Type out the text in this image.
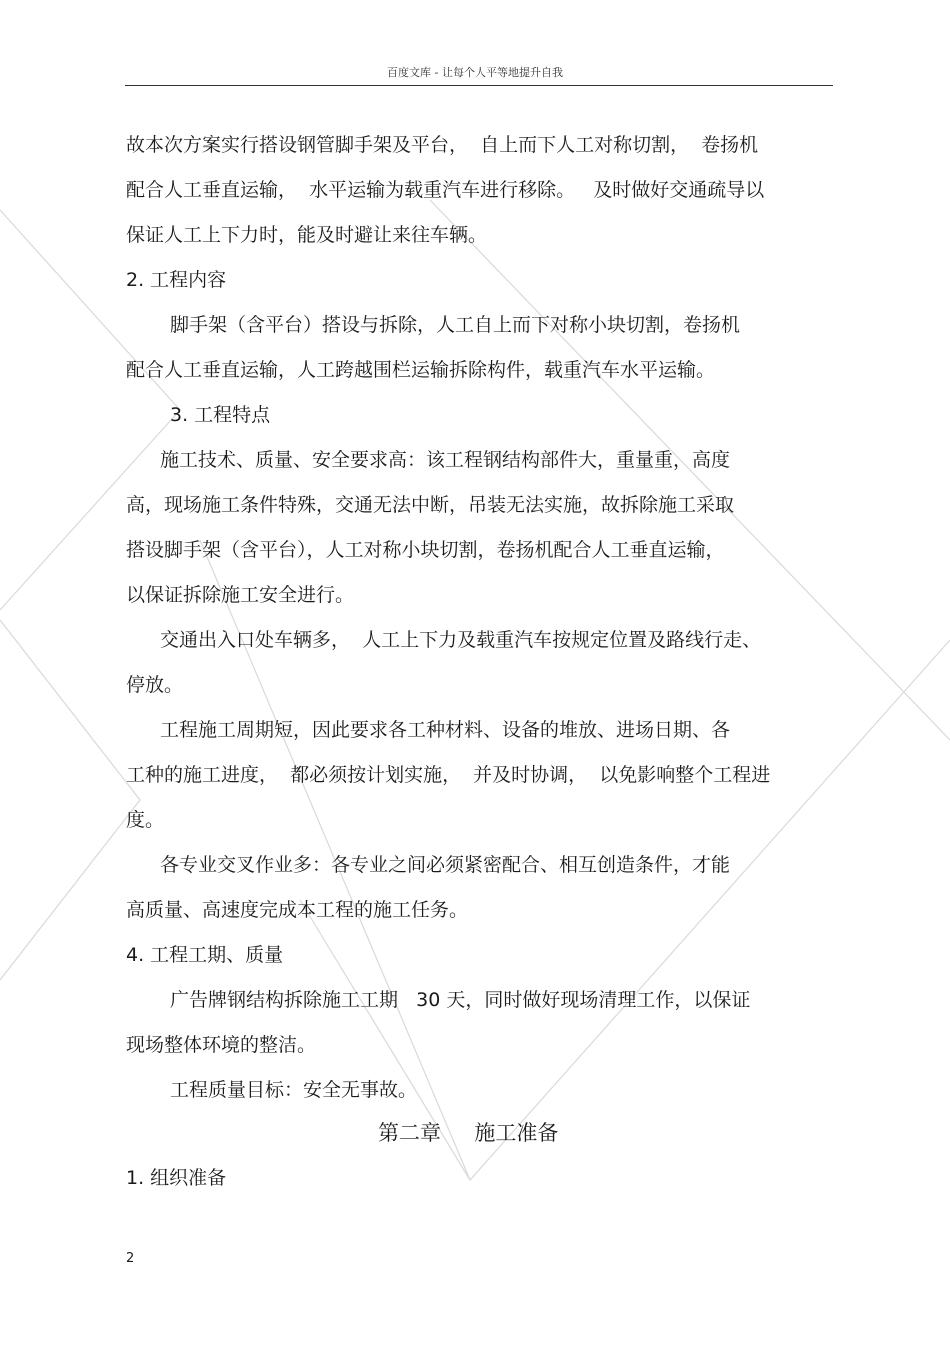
百度文库 - 让每个人平等地提升自我
故本次方案实行搭设钢管脚手架及平台，  自上而下人工对称切割，  卷扬机
配合人工垂直运输，  水平运输为载重汽车进行移除。   及时做好交通疏导以
保证人工上下力时，能及时避让来往车辆。
2. 工程内容
脚手架（含平台）搭设与拆除，人工自上而下对称小块切割，卷扬机
配合人工垂直运输，人工跨越围栏运输拆除构件，载重汽车水平运输。
3. 工程特点
施工技术、质量、安全要求高：该工程钢结构部件大，重量重，高度
高，现场施工条件特殊，交通无法中断，吊装无法实施，故拆除施工采取
搭设脚手架（含平台），人工对称小块切割，卷扬机配合人工垂直运输，
以保证拆除施工安全进行。
交通出入口处车辆多，  人工上下力及载重汽车按规定位置及路线行走、
停放。
工程施工周期短，因此要求各工种材料、设备的堆放、进场日期、各
工种的施工进度，  都必须按计划实施，  并及时协调，  以免影响整个工程进
度。
各专业交叉作业多：各专业之间必须紧密配合、相互创造条件，才能
高质量、高速度完成本工程的施工任务。
4. 工程工期、质量
广告牌钢结构拆除施工工期   30 天，同时做好现场清理工作，以保证
现场整体环境的整洁。
工程质量目标：安全无事故。
第二章     施工准备
1. 组织准备
2
